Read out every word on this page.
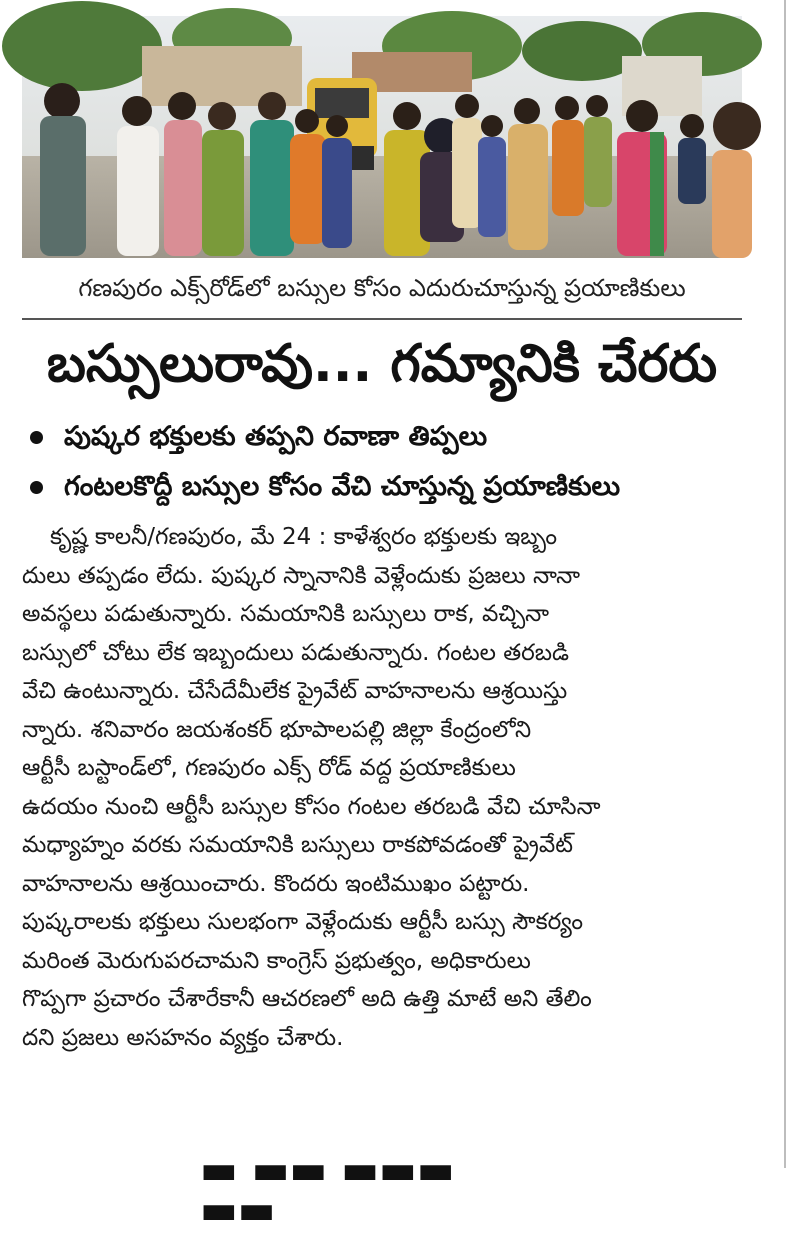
గణపురం ఎక్స్‌రోడ్‌లో బస్సుల కోసం ఎదురుచూస్తున్న ప్రయాణికులు
బస్సులురావు... గమ్యానికి చేరరు
పుష్కర భక్తులకు తప్పని రవాణా తిప్పలు
గంటలకొద్దీ బస్సుల కోసం వేచి చూస్తున్న ప్రయాణికులు
కృష్ణ కాలనీ/గణపురం, మే 24 : కాళేశ్వరం భక్తులకు ఇబ్బం
దులు తప్పడం లేదు. పుష్కర స్నానానికి వెళ్లేందుకు ప్రజలు నానా
అవస్థలు పడుతున్నారు. సమయానికి బస్సులు రాక, వచ్చినా
బస్సులో చోటు లేక ఇబ్బందులు పడుతున్నారు. గంటల తరబడి
వేచి ఉంటున్నారు. చేసేదేమీలేక ప్రైవేట్ వాహనాలను ఆశ్రయిస్తు
న్నారు. శనివారం జయశంకర్ భూపాలపల్లి జిల్లా కేంద్రంలోని
ఆర్టీసీ బస్టాండ్‌లో, గణపురం ఎక్స్ రోడ్ వద్ద ప్రయాణికులు
ఉదయం నుంచి ఆర్టీసీ బస్సుల కోసం గంటల తరబడి వేచి చూసినా
మధ్యాహ్నం వరకు సమయానికి బస్సులు రాకపోవడంతో ప్రైవేట్
వాహనాలను ఆశ్రయించారు. కొందరు ఇంటిముఖం పట్టారు.
పుష్కరాలకు భక్తులు సులభంగా వెళ్లేందుకు ఆర్టీసీ బస్సు సౌకర్యం
మరింత మెరుగుపరచామని కాంగ్రెస్ ప్రభుత్వం, అధికారులు
గొప్పగా ప్రచారం చేశారేకానీ ఆచరణలో అది ఉత్తి మాటే అని తేలిం
దని ప్రజలు అసహనం వ్యక్తం చేశారు.
▬ ▬▬ ▬▬▬ ▬▬
